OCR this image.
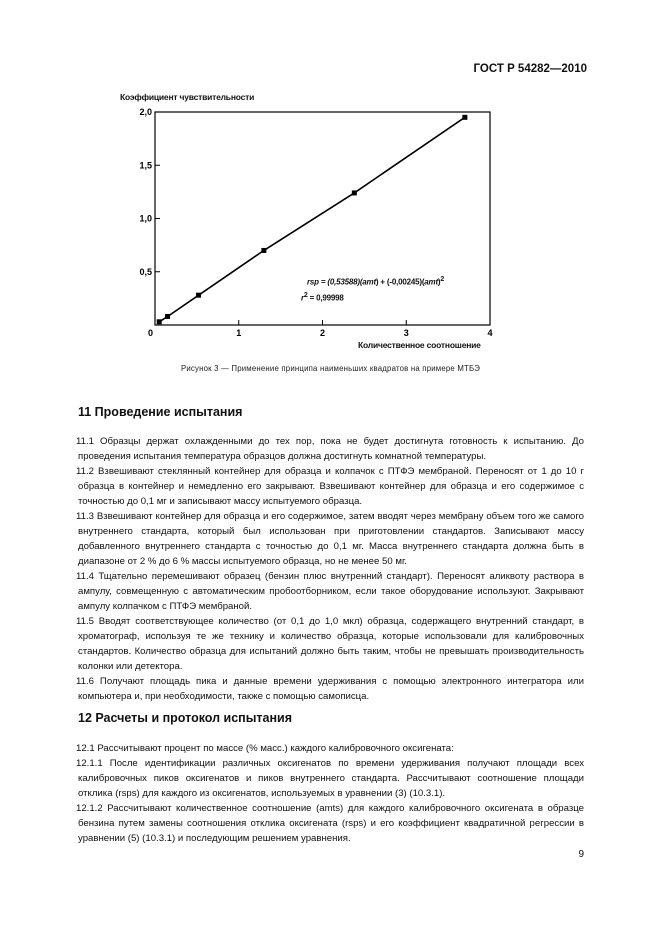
ГОСТ Р 54282—2010
Коэффициент чувствительности
0	1	2	3	4
0,5
1,0
1,5
2,0
Количественное соотношение
rsp = (0,53588)(amt) + (-0,00245)(amt)$^2$
$r^2 = 0,99998$
Рисунок 3 — Применение принципа наименьших квадратов на примере МТБЭ
11 Проведение испытания

11.1 Образцы держат охлажденными до тех пор, пока не будет достигнута готовность к испытанию. До проведения испытания температура образцов должна достигнуть комнатной температуры.

11.2 Взвешивают стеклянный контейнер для образца и колпачок с ПТФЭ мембраной. Переносят от 1 до 10 г образца в контейнер и немедленно его закрывают. Взвешивают контейнер для образца и его содержимое с точностью до 0,1 мг и записывают массу испытуемого образца.

11.3 Взвешивают контейнер для образца и его содержимое, затем вводят через мембрану объем того же самого внутреннего стандарта, который был использован при приготовлении стандартов. Записывают массу добавленного внутреннего стандарта с точностью до 0,1 мг. Масса внутреннего стандарта должна быть в диапазоне от 2 % до 6 % массы испытуемого образца, но не менее 50 мг.

11.4 Тщательно перемешивают образец (бензин плюс внутренний стандарт). Переносят аликвоту раствора в ампулу, совмещенную с автоматическим пробоотборником, если такое оборудование используют. Закрывают ампулу колпачком с ПТФЭ мембраной.

11.5 Вводят соответствующее количество (от 0,1 до 1,0 мкл) образца, содержащего внутренний стандарт, в хроматограф, используя те же технику и количество образца, которые использовали для калибровочных стандартов. Количество образца для испытаний должно быть таким, чтобы не превышать производительность колонки или детектора.

11.6 Получают площадь пика и данные времени удерживания с помощью электронного интегратора или компьютера и, при необходимости, также с помощью самописца.

12 Расчеты и протокол испытания

12.1 Рассчитывают процент по массе (% масс.) каждого калибровочного оксигената:

12.1.1 После идентификации различных оксигенатов по времени удерживания получают площади всех калибровочных пиков оксигенатов и пиков внутреннего стандарта. Рассчитывают соотношение площади отклика (rsps) для каждого из оксигенатов, используемых в уравнении (3) (10.3.1).

12.1.2 Рассчитывают количественное соотношение (amts) для каждого калибровочного оксигената в образце бензина путем замены соотношения отклика оксигената (rsps) и его коэффициент квадратичной регрессии в уравнении (5) (10.3.1) и последующим решением уравнения.

9
